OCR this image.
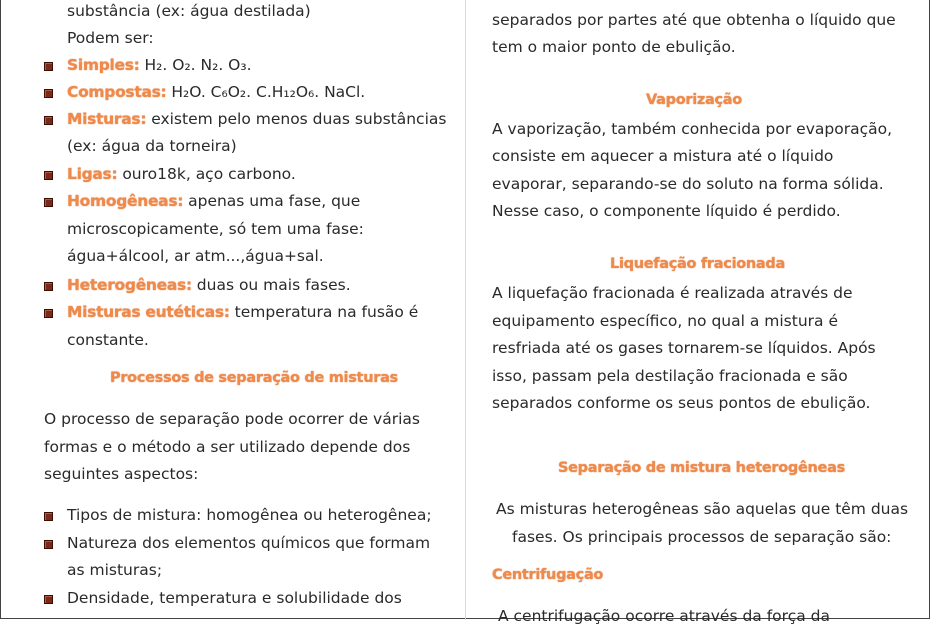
substância (ex: água destilada)
Podem ser:
Simples: H₂. O₂. N₂. O₃.
Compostas: H₂O. C₆O₂. C.H₁₂O₆. NaCl.
Misturas: existem pelo menos duas substâncias
(ex: água da torneira)
Ligas: ouro18k, aço carbono.
Homogêneas: apenas uma fase, que
microscopicamente, só tem uma fase:
água+álcool, ar atm...,água+sal.
Heterogêneas: duas ou mais fases.
Misturas eutéticas: temperatura na fusão é
constante.
Processos de separação de misturas
O processo de separação pode ocorrer de várias
formas e o método a ser utilizado depende dos
seguintes aspectos:
Tipos de mistura: homogênea ou heterogênea;
Natureza dos elementos químicos que formam
as misturas;
Densidade, temperatura e solubilidade dos
separados por partes até que obtenha o líquido que
tem o maior ponto de ebulição.
Vaporização
A vaporização, também conhecida por evaporação,
consiste em aquecer a mistura até o líquido
evaporar, separando-se do soluto na forma sólida.
Nesse caso, o componente líquido é perdido.
Liquefação fracionada
A liquefação fracionada é realizada através de
equipamento específico, no qual a mistura é
resfriada até os gases tornarem-se líquidos. Após
isso, passam pela destilação fracionada e são
separados conforme os seus pontos de ebulição.
Separação de mistura heterogêneas
As misturas heterogêneas são aquelas que têm duas
fases. Os principais processos de separação são:
Centrifugação
A centrifugação ocorre através da força da
